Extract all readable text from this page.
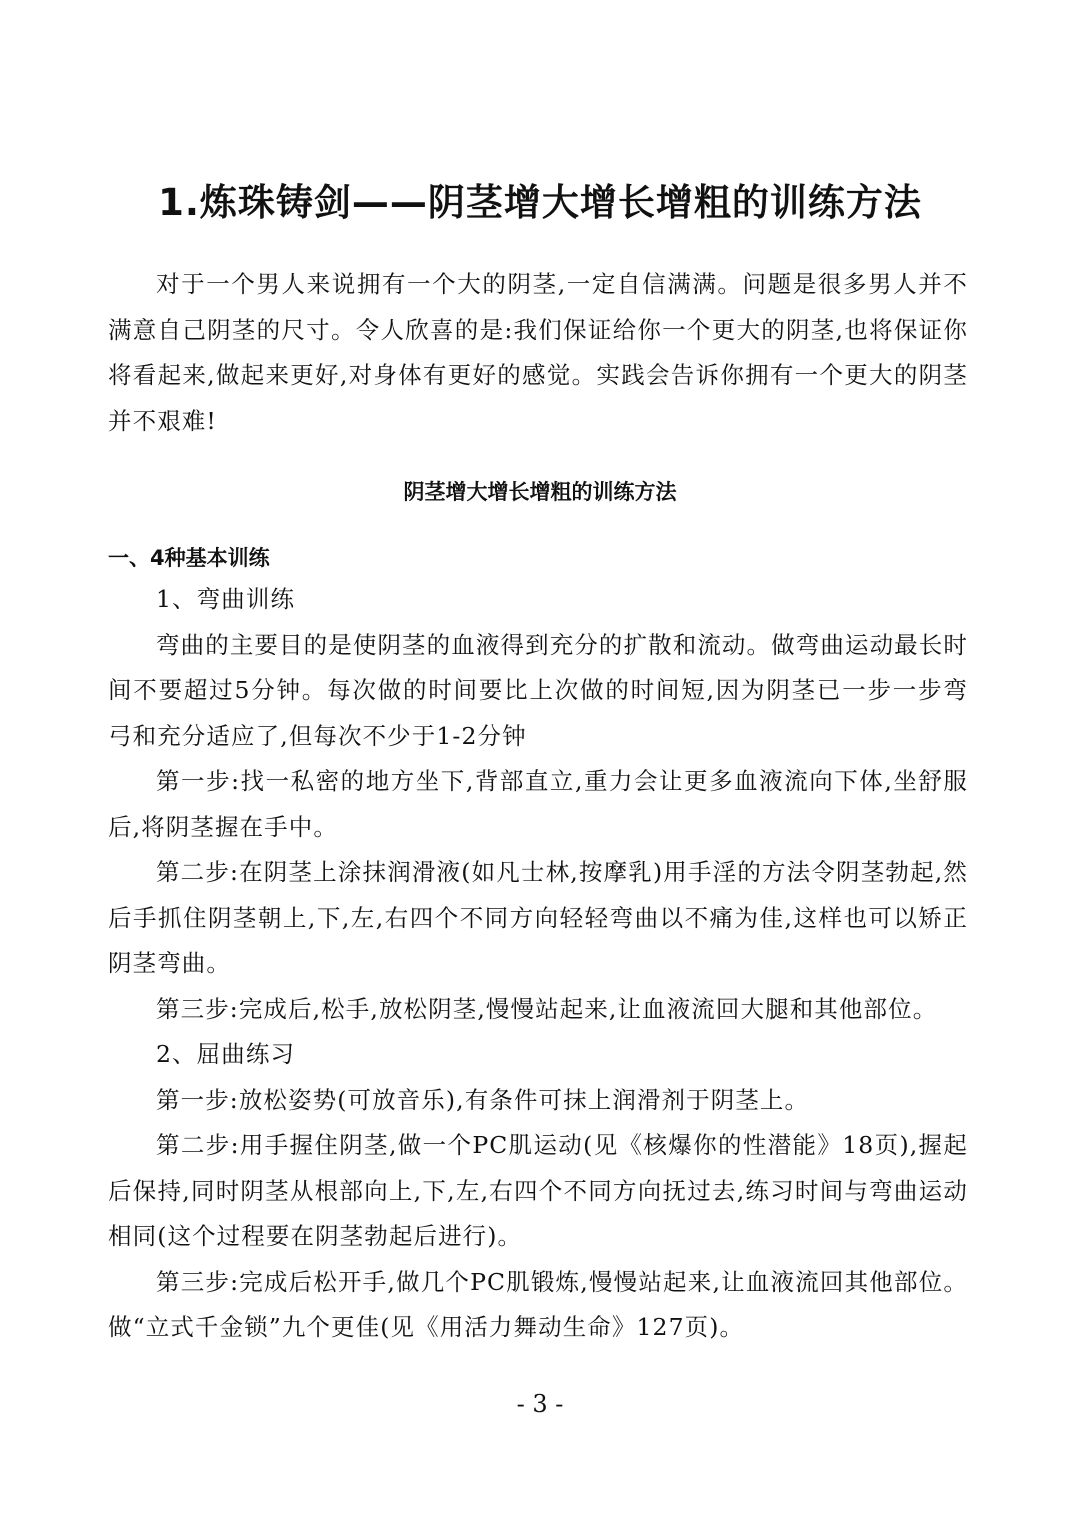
1.炼珠铸剑——阴茎增大增长增粗的训练方法

对于一个男人来说拥有一个大的阴茎,一定自信满满。问题是很多男人并不满意自己阴茎的尺寸。令人欣喜的是:我们保证给你一个更大的阴茎,也将保证你将看起来,做起来更好,对身体有更好的感觉。实践会告诉你拥有一个更大的阴茎并不艰难!

阴茎增大增长增粗的训练方法
一、4种基本训练

1、弯曲训练

弯曲的主要目的是使阴茎的血液得到充分的扩散和流动。做弯曲运动最长时间不要超过5分钟。每次做的时间要比上次做的时间短,因为阴茎已一步一步弯弓和充分适应了,但每次不少于1-2分钟

第一步:找一私密的地方坐下,背部直立,重力会让更多血液流向下体,坐舒服后,将阴茎握在手中。

第二步:在阴茎上涂抹润滑液(如凡士林,按摩乳)用手淫的方法令阴茎勃起,然后手抓住阴茎朝上,下,左,右四个不同方向轻轻弯曲以不痛为佳,这样也可以矫正阴茎弯曲。

第三步:完成后,松手,放松阴茎,慢慢站起来,让血液流回大腿和其他部位。

2、屈曲练习

第一步:放松姿势(可放音乐),有条件可抹上润滑剂于阴茎上。

第二步:用手握住阴茎,做一个PC肌运动(见《核爆你的性潜能》18页),握起后保持,同时阴茎从根部向上,下,左,右四个不同方向抚过去,练习时间与弯曲运动相同(这个过程要在阴茎勃起后进行)。

第三步:完成后松开手,做几个PC肌锻炼,慢慢站起来,让血液流回其他部位。做“立式千金锁”九个更佳(见《用活力舞动生命》127页)。

- 3 -
